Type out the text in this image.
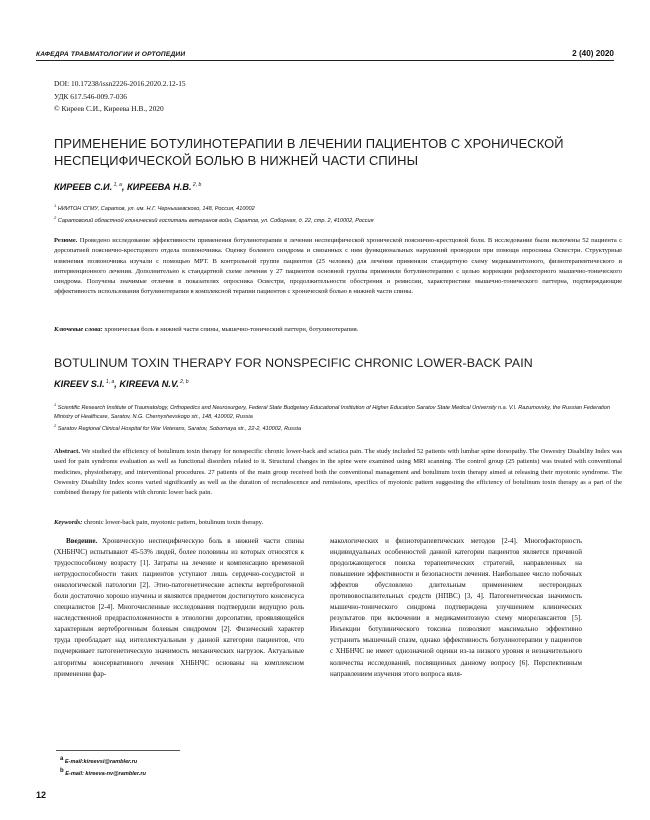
КАФЕДРА ТРАВМАТОЛОГИИ И ОРТОПЕДИИ	2 (40) 2020
DOI: 10.17238/issn2226-2016.2020.2.12-15
УДК 617.546-009.7-036
© Киреев С.И., Киреева Н.В., 2020
ПРИМЕНЕНИЕ БОТУЛИНОТЕРАПИИ В ЛЕЧЕНИИ ПАЦИЕНТОВ С ХРОНИЧЕСКОЙ НЕСПЕЦИФИЧЕСКОЙ БОЛЬЮ В НИЖНЕЙ ЧАСТИ СПИНЫ
КИРЕЕВ С.И. $^{1, a}$, КИРЕЕВА Н.В. $^{2, b}$
$^1$ НИИТОН СГМУ, Саратов, ул. им. Н.Г. Чернышевского, 148, Россия, 410002
$^2$ Саратовский областной клинический госпиталь ветеранов войн, Саратов, ул. Соборная, д. 22, стр. 2, 410002, Россия
Резюме. Проведено исследование эффективности применения ботулинотерапии в лечении неспецифической хронической пояснично-крестцовой боли. В исследование были включены 52 пациента с дорсопатией пояснично-крестцового отдела позвоночника. Оценку болевого синдрома и связанных с ним функциональных нарушений проводили при помощи опросника Освестри. Структурные изменения позвоночника изучали с помощью МРТ. В контрольной группе пациентов (25 человек) для лечения применяли стандартную схему медикаментозного, физиотерапевтического и интервенционного лечения. Дополнительно к стандартной схеме лечения у 27 пациентов основной группы применяли ботулинотерапию с целью коррекции рефлекторного мышечно-тонического синдрома. Получены значимые отличия в показателях опросника Освестри, продолжительности обострения и ремиссии, характеристике мышечно-тонического паттерна, подтверждающие эффективность использования ботулинотерапии в комплексной терапии пациентов с хронической болью в нижней части спины.
Ключевые слова: хроническая боль в нижней части спины, мышечно-тонический паттерн, ботулинотерапия.
BOTULINUM TOXIN THERAPY FOR NONSPECIFIC CHRONIC LOWER-BACK PAIN
KIREEV S.I. $^{1, a}$, KIREEVA N.V. $^{2, b}$
$^1$ Scientific Research Institute of Traumatology, Orthopedics and Neurosurgery, Federal State Budgetary Educational Institution of Higher Education Saratov State Medical University n.a. V.I. Razumovsky, the Russian Federation Ministry of Healthcare, Saratov, N.G. Chernyshevskogo str., 148, 410002, Russia
$^2$ Saratov Regional Clinical Hospital for War Veterans, Saratov, Sobornaya str., 22-2, 410002, Russia
Abstract. We studied the efficiency of botulinum toxin therapy for nonspecific chronic lower-back and sciatica pain. The study included 52 patients with lumbar spine dorsopathy. The Oswestry Disability Index was used for pain syndrome evaluation as well as functional disorders related to it. Structural changes in the spine were examined using MRI scanning. The control group (25 patients) was treated with conventional medicines, physiotherapy, and interventional procedures. 27 patients of the main group received both the conventional management and botulinum toxin therapy aimed at releasing their myotonic syndrome. The Oswestry Disability Index scores varied significantly as well as the duration of recrudescence and remissions, specifics of myotonic pattern suggesting the efficiency of botulinum toxin therapy as a part of the combined therapy for patients with chronic lower back pain.
Keywords: chronic lower-back pain, myotonic pattern, botulinum toxin therapy.
Введение. Хроническую неспецифическую боль в нижней части спины (ХНБНЧС) испытывают 45-53% людей, более половины из которых относятся к трудоспособному возрасту [1]. Затраты на лечение и компенсацию временной нетрудоспособности таких пациентов уступают лишь сердечно-сосудистой и онкологической патологии [2]. Этио-патогенетические аспекты вертеброгенной боли достаточно хорошо изучены и являются предметом достигнутого консенсуса специалистов [2-4]. Многочисленные исследования подтвердили ведущую роль наследственной предрасположенности в этиологии дорсопатии, проявляющейся характерным вертеброгенным болевым синдромом [2]. Физический характер труда преобладает над интеллектуальным у данной категории пациентов, что подчеркивает патогенетическую значимость механических нагрузок. Актуальные алгоритмы консервативного лечения ХНБНЧС основаны на комплексном применении фар-
макологических и физиотерапевтических методов [2-4]. Многофакторность индивидуальных особенностей данной категории пациентов является причиной продолжающегося поиска терапевтических стратегий, направленных на повышение эффективности и безопасности лечения. Наибольшее число побочных эффектов обусловлено длительным применением нестероидных противовоспалительных средств (НПВС) [3, 4]. Патогенетическая значимость мышечно-тонического синдрома подтверждена улучшением клинических результатов при включении в медикаментозную схему миорелаксантов [5]. Инъекции ботулинического токсина позволяют максимально эффективно устранить мышечный спазм, однако эффективность ботулинотерапии у пациентов с ХНБНЧС не имеет однозначной оценки из-за низкого уровня и незначительного количества исследований, посвященных данному вопросу [6]. Перспективным направлением изучения этого вопроса явля-
$^a$ E-mail:kireevsi@rambler.ru
$^b$ E-mail: kireeva-nv@rambler.ru
12
